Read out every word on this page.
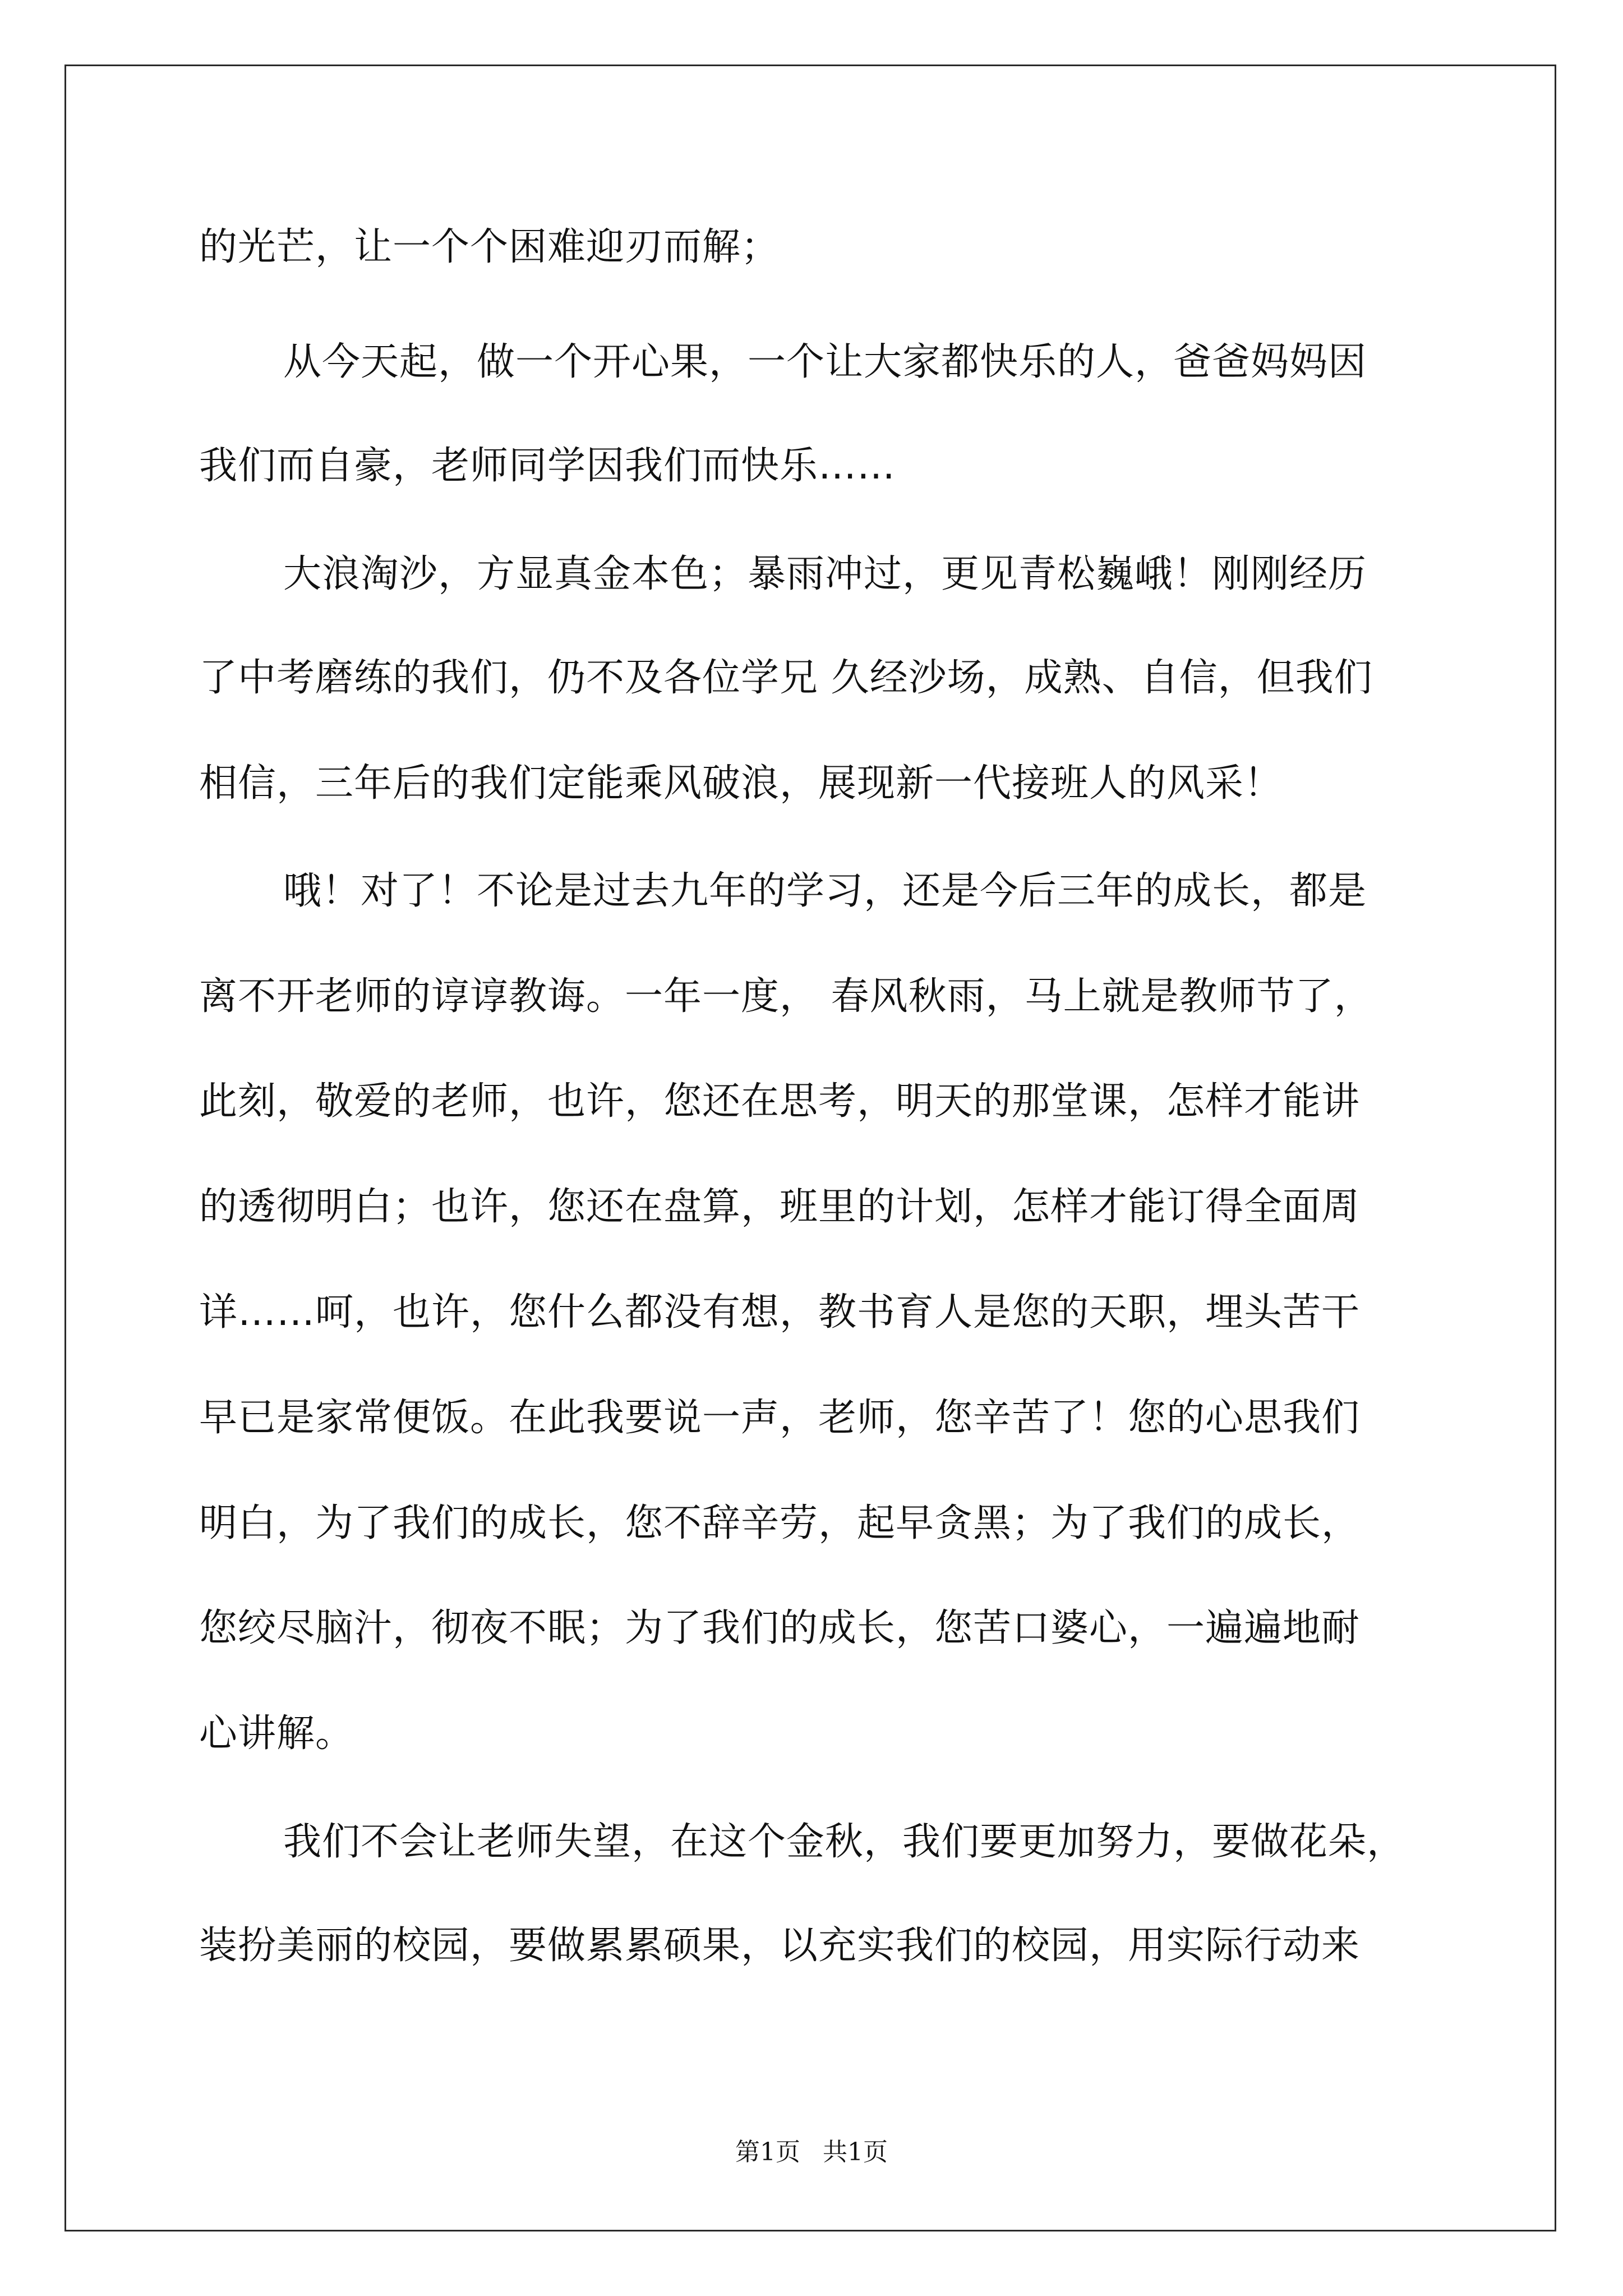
的光芒，让一个个困难迎刃而解；
从今天起，做一个开心果，一个让大家都快乐的人，爸爸妈妈因
我们而自豪，老师同学因我们而快乐……
大浪淘沙，方显真金本色；暴雨冲过，更见青松巍峨！刚刚经历
了中考磨练的我们，仍不及各位学兄 久经沙场，成熟、自信，但我们
相信，三年后的我们定能乘风破浪，展现新一代接班人的风采！
哦！对了！不论是过去九年的学习，还是今后三年的成长，都是
离不开老师的谆谆教诲。一年一度， 春风秋雨，马上就是教师节了，
此刻，敬爱的老师，也许，您还在思考，明天的那堂课，怎样才能讲
的透彻明白；也许，您还在盘算，班里的计划，怎样才能订得全面周
详……呵，也许，您什么都没有想，教书育人是您的天职，埋头苦干
早已是家常便饭。在此我要说一声，老师，您辛苦了！您的心思我们
明白，为了我们的成长，您不辞辛劳，起早贪黑；为了我们的成长，
您绞尽脑汁，彻夜不眠；为了我们的成长，您苦口婆心，一遍遍地耐
心讲解。
我们不会让老师失望，在这个金秋，我们要更加努力，要做花朵，
装扮美丽的校园，要做累累硕果，以充实我们的校园，用实际行动来
第1页 共1页
